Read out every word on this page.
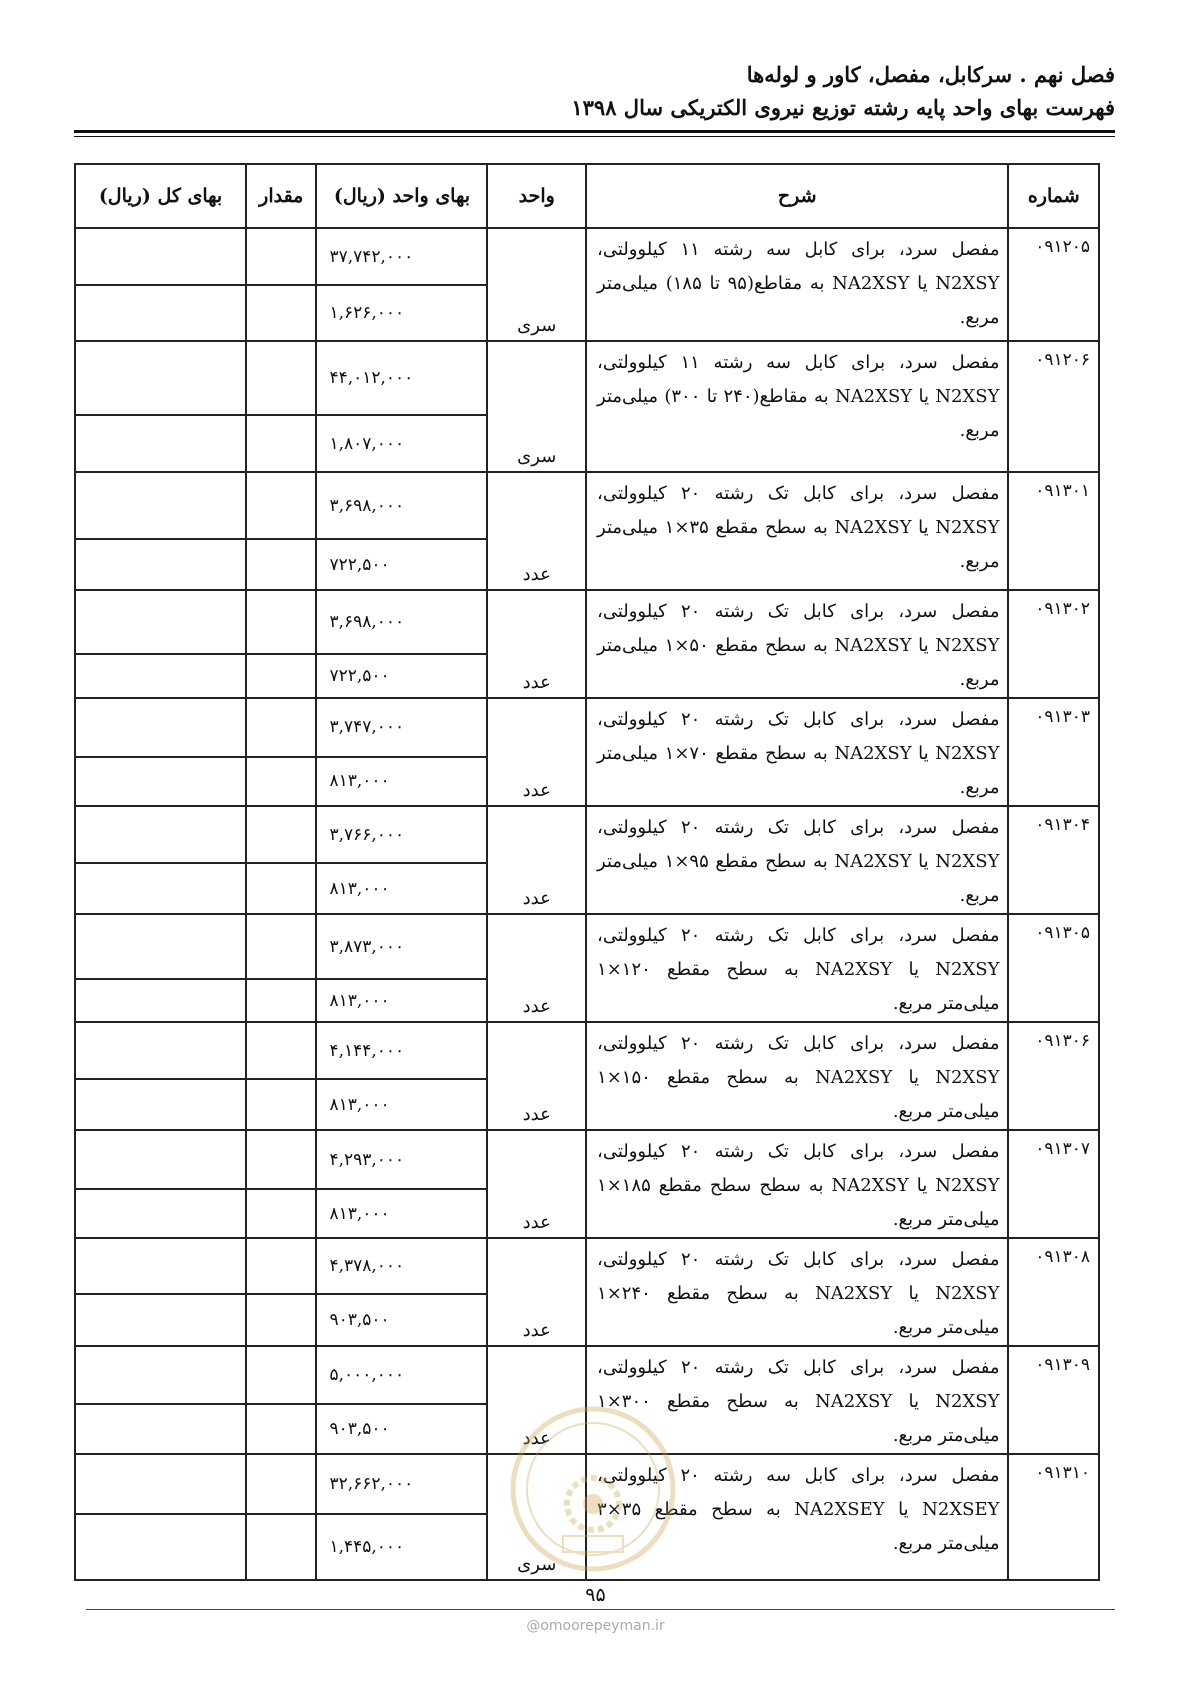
فصل نهم . سرکابل، مفصل، کاور و لوله‌ها
فهرست بهای واحد پایه رشته توزیع نیروی الکتریکی سال ۱۳۹۸
شماره	شرح	واحد	بهای واحد (ریال)	مقدار	بهای کل (ریال)
۰۹۱۲۰۵	مفصل سرد، برای کابل سه رشته ۱۱ کیلوولتی، N2XSY یا NA2XSY به مقاطع(۹۵ تا ۱۸۵) میلی‌متر مربع.	سری	۳۷,۷۴۲,۰۰۰		
			۱,۶۲۶,۰۰۰		
۰۹۱۲۰۶	مفصل سرد، برای کابل سه رشته ۱۱ کیلوولتی، N2XSY یا NA2XSY به مقاطع(۲۴۰ تا ۳۰۰) میلی‌متر مربع.	سری	۴۴,۰۱۲,۰۰۰		
			۱,۸۰۷,۰۰۰		
۰۹۱۳۰۱	مفصل سرد، برای کابل تک رشته ۲۰ کیلوولتی، N2XSY یا NA2XSY به سطح مقطع ۳۵×۱ میلی‌متر مربع.	عدد	۳,۶۹۸,۰۰۰		
			۷۲۲,۵۰۰		
۰۹۱۳۰۲	مفصل سرد، برای کابل تک رشته ۲۰ کیلوولتی، N2XSY یا NA2XSY به سطح مقطع ۵۰×۱ میلی‌متر مربع.	عدد	۳,۶۹۸,۰۰۰		
			۷۲۲,۵۰۰		
۰۹۱۳۰۳	مفصل سرد، برای کابل تک رشته ۲۰ کیلوولتی، N2XSY یا NA2XSY به سطح مقطع ۷۰×۱ میلی‌متر مربع.	عدد	۳,۷۴۷,۰۰۰		
			۸۱۳,۰۰۰		
۰۹۱۳۰۴	مفصل سرد، برای کابل تک رشته ۲۰ کیلوولتی، N2XSY یا NA2XSY به سطح مقطع ۹۵×۱ میلی‌متر مربع.	عدد	۳,۷۶۶,۰۰۰		
			۸۱۳,۰۰۰		
۰۹۱۳۰۵	مفصل سرد، برای کابل تک رشته ۲۰ کیلوولتی، N2XSY یا NA2XSY به سطح مقطع ۱۲۰×۱ میلی‌متر مربع.	عدد	۳,۸۷۳,۰۰۰		
			۸۱۳,۰۰۰		
۰۹۱۳۰۶	مفصل سرد، برای کابل تک رشته ۲۰ کیلوولتی، N2XSY یا NA2XSY به سطح مقطع ۱۵۰×۱ میلی‌متر مربع.	عدد	۴,۱۴۴,۰۰۰		
			۸۱۳,۰۰۰		
۰۹۱۳۰۷	مفصل سرد، برای کابل تک رشته ۲۰ کیلوولتی، N2XSY یا NA2XSY به سطح سطح مقطع ۱۸۵×۱ میلی‌متر مربع.	عدد	۴,۲۹۳,۰۰۰		
			۸۱۳,۰۰۰		
۰۹۱۳۰۸	مفصل سرد، برای کابل تک رشته ۲۰ کیلوولتی، N2XSY یا NA2XSY به سطح مقطع ۲۴۰×۱ میلی‌متر مربع.	عدد	۴,۳۷۸,۰۰۰		
			۹۰۳,۵۰۰		
۰۹۱۳۰۹	مفصل سرد، برای کابل تک رشته ۲۰ کیلوولتی، N2XSY یا NA2XSY به سطح مقطع ۳۰۰×۱ میلی‌متر مربع.	عدد	۵,۰۰۰,۰۰۰		
			۹۰۳,۵۰۰		
۰۹۱۳۱۰	مفصل سرد، برای کابل سه رشته ۲۰ کیلوولتی، N2XSEY یا NA2XSEY به سطح مقطع ۳۵×۳ میلی‌متر مربع.	سری	۳۲,۶۶۲,۰۰۰		
			۱,۴۴۵,۰۰۰		
۹۵
@omoorepeyman.ir
